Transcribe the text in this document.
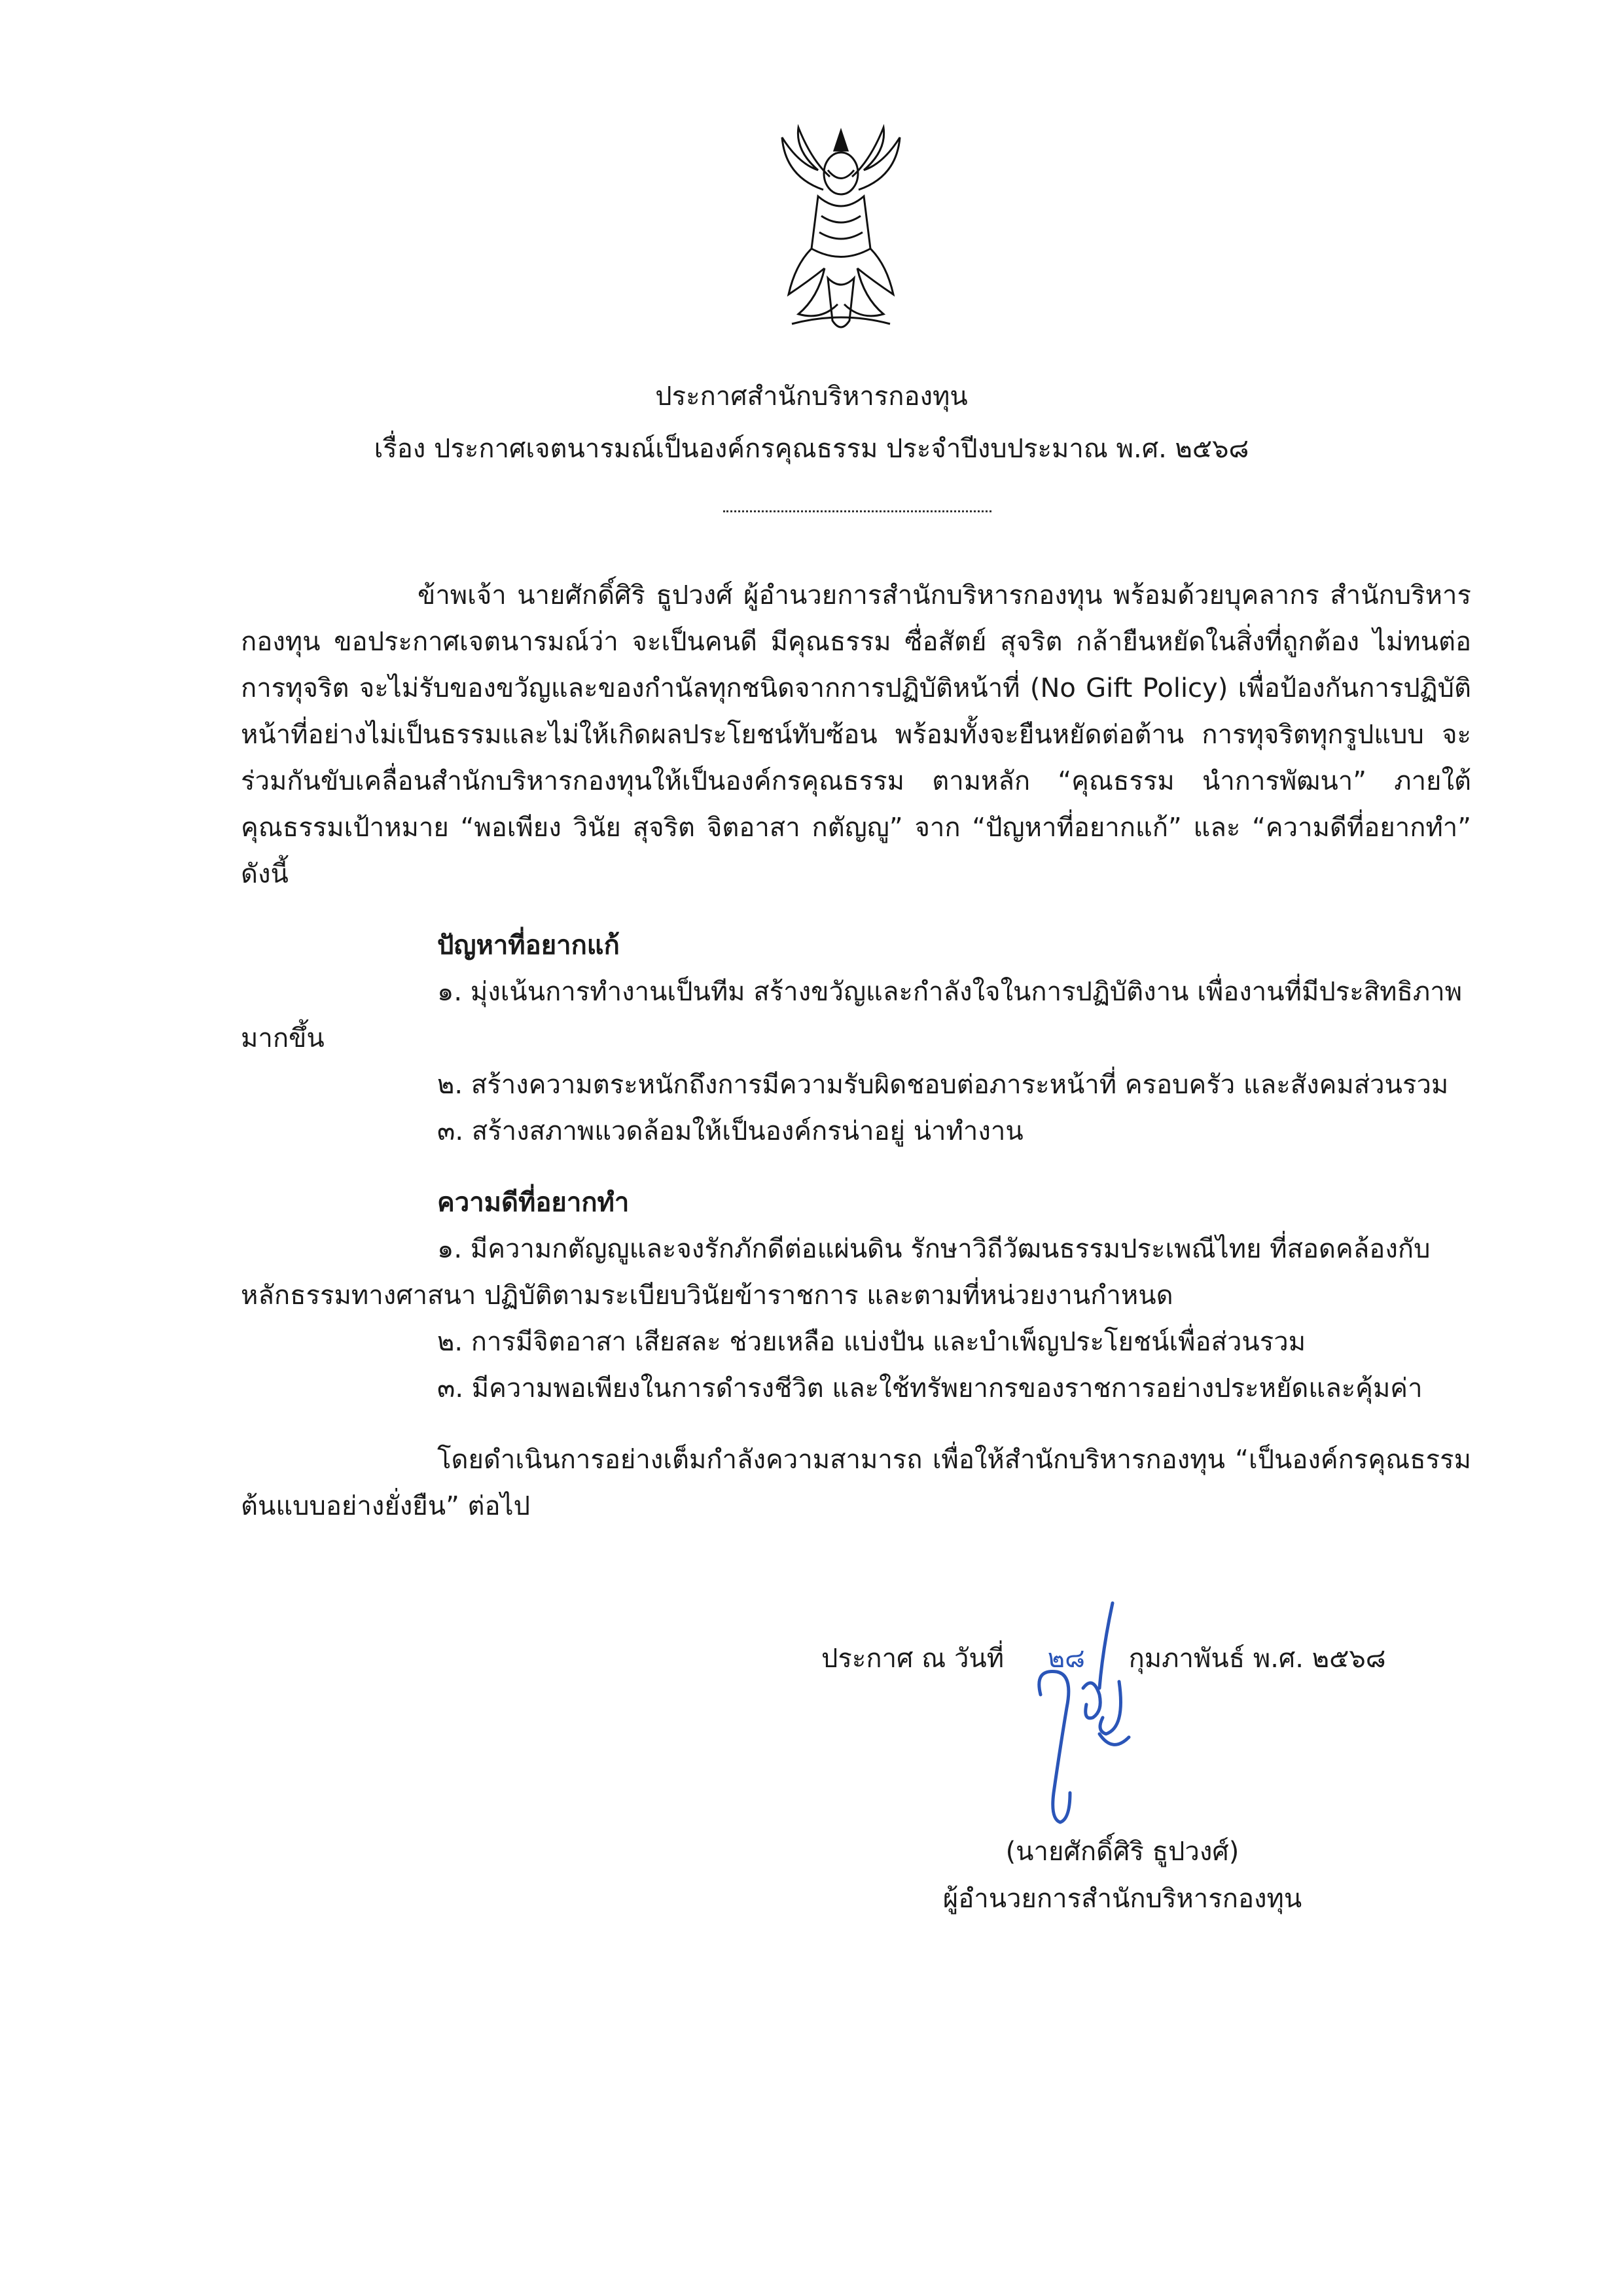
ประกาศสำนักบริหารกองทุน
เรื่อง ประกาศเจตนารมณ์เป็นองค์กรคุณธรรม ประจำปีงบประมาณ พ.ศ. ๒๕๖๘

ข้าพเจ้า นายศักดิ์ศิริ ธูปวงศ์ ผู้อำนวยการสำนักบริหารกองทุน พร้อมด้วยบุคลากร สำนักบริหารกองทุน ขอประกาศเจตนารมณ์ว่า จะเป็นคนดี มีคุณธรรม ซื่อสัตย์ สุจริต กล้ายืนหยัดในสิ่งที่ถูกต้อง ไม่ทนต่อการทุจริต จะไม่รับของขวัญและของกำนัลทุกชนิดจากการปฏิบัติหน้าที่ (No Gift Policy) เพื่อป้องกันการปฏิบัติหน้าที่อย่างไม่เป็นธรรมและไม่ให้เกิดผลประโยชน์ทับซ้อน พร้อมทั้งจะยืนหยัดต่อต้าน การทุจริตทุกรูปแบบ จะร่วมกันขับเคลื่อนสำนักบริหารกองทุนให้เป็นองค์กรคุณธรรม ตามหลัก “คุณธรรม นำการพัฒนา” ภายใต้คุณธรรมเป้าหมาย “พอเพียง วินัย สุจริต จิตอาสา กตัญญู” จาก “ปัญหาที่อยากแก้” และ “ความดีที่อยากทำ” ดังนี้

ปัญหาที่อยากแก้

๑. มุ่งเน้นการทำงานเป็นทีม สร้างขวัญและกำลังใจในการปฏิบัติงาน เพื่องานที่มีประสิทธิภาพมากขึ้น

๒. สร้างความตระหนักถึงการมีความรับผิดชอบต่อภาระหน้าที่ ครอบครัว และสังคมส่วนรวม

๓. สร้างสภาพแวดล้อมให้เป็นองค์กรน่าอยู่ น่าทำงาน

ความดีที่อยากทำ

๑. มีความกตัญญูและจงรักภักดีต่อแผ่นดิน รักษาวิถีวัฒนธรรมประเพณีไทย ที่สอดคล้องกับหลักธรรมทางศาสนา ปฏิบัติตามระเบียบวินัยข้าราชการ และตามที่หน่วยงานกำหนด

๒. การมีจิตอาสา เสียสละ ช่วยเหลือ แบ่งปัน และบำเพ็ญประโยชน์เพื่อส่วนรวม

๓. มีความพอเพียงในการดำรงชีวิต และใช้ทรัพยากรของราชการอย่างประหยัดและคุ้มค่า

โดยดำเนินการอย่างเต็มกำลังความสามารถ เพื่อให้สำนักบริหารกองทุน “เป็นองค์กรคุณธรรมต้นแบบอย่างยั่งยืน” ต่อไป

ประกาศ ณ วันที่ ๒๘ กุมภาพันธ์ พ.ศ. ๒๕๖๘
(นายศักดิ์ศิริ ธูปวงศ์)
ผู้อำนวยการสำนักบริหารกองทุน
